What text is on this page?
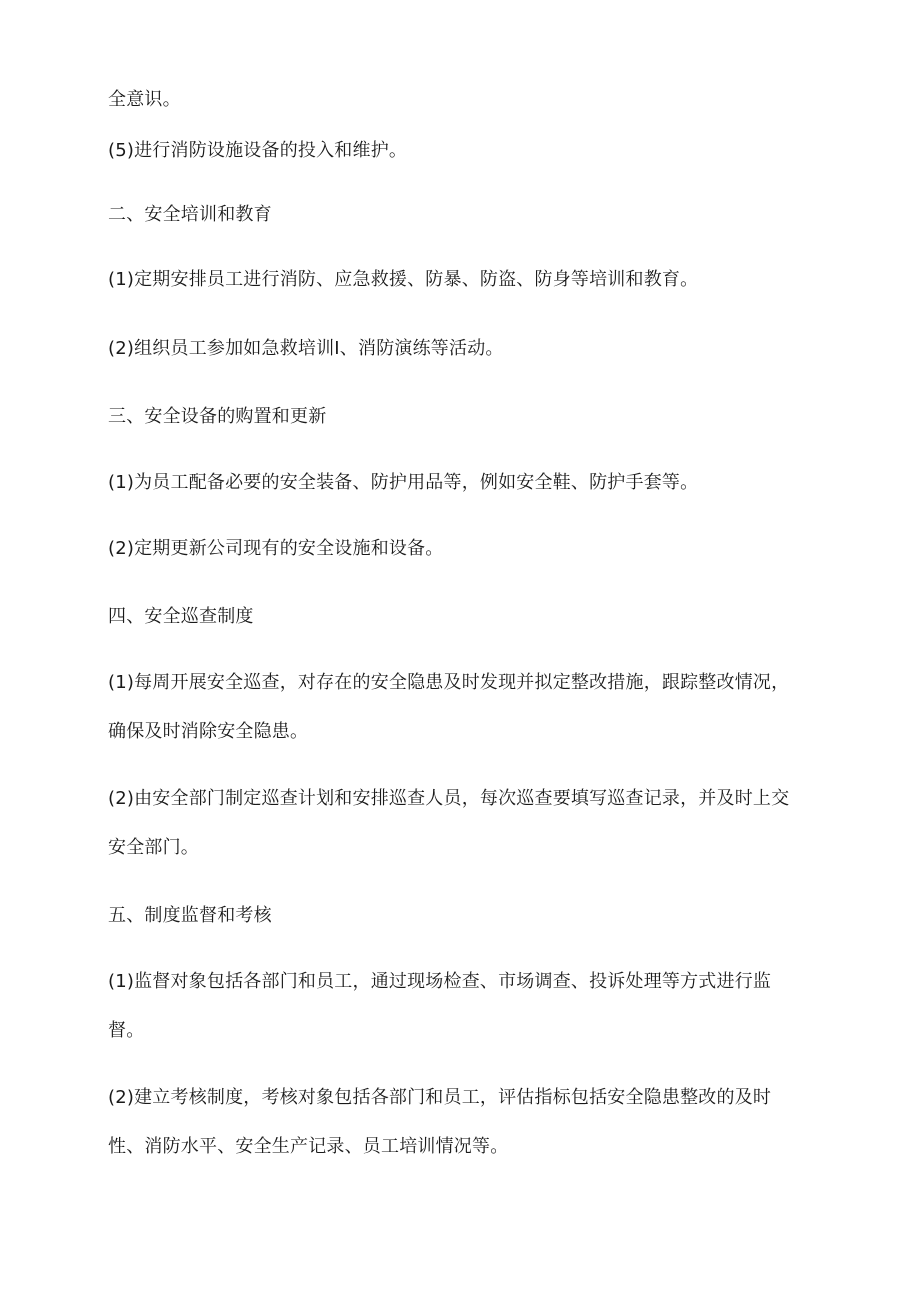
全意识。

(5)进行消防设施设备的投入和维护。

二、安全培训和教育

(1)定期安排员工进行消防、应急救援、防暴、防盗、防身等培训和教育。

(2)组织员工参加如急救培训I、消防演练等活动。

三、安全设备的购置和更新

(1)为员工配备必要的安全装备、防护用品等，例如安全鞋、防护手套等。

(2)定期更新公司现有的安全设施和设备。

四、安全巡查制度

(1)每周开展安全巡查，对存在的安全隐患及时发现并拟定整改措施，跟踪整改情况，

确保及时消除安全隐患。

(2)由安全部门制定巡查计划和安排巡查人员，每次巡查要填写巡查记录，并及时上交

安全部门。

五、制度监督和考核

(1)监督对象包括各部门和员工，通过现场检查、市场调查、投诉处理等方式进行监

督。

(2)建立考核制度，考核对象包括各部门和员工，评估指标包括安全隐患整改的及时

性、消防水平、安全生产记录、员工培训情况等。
